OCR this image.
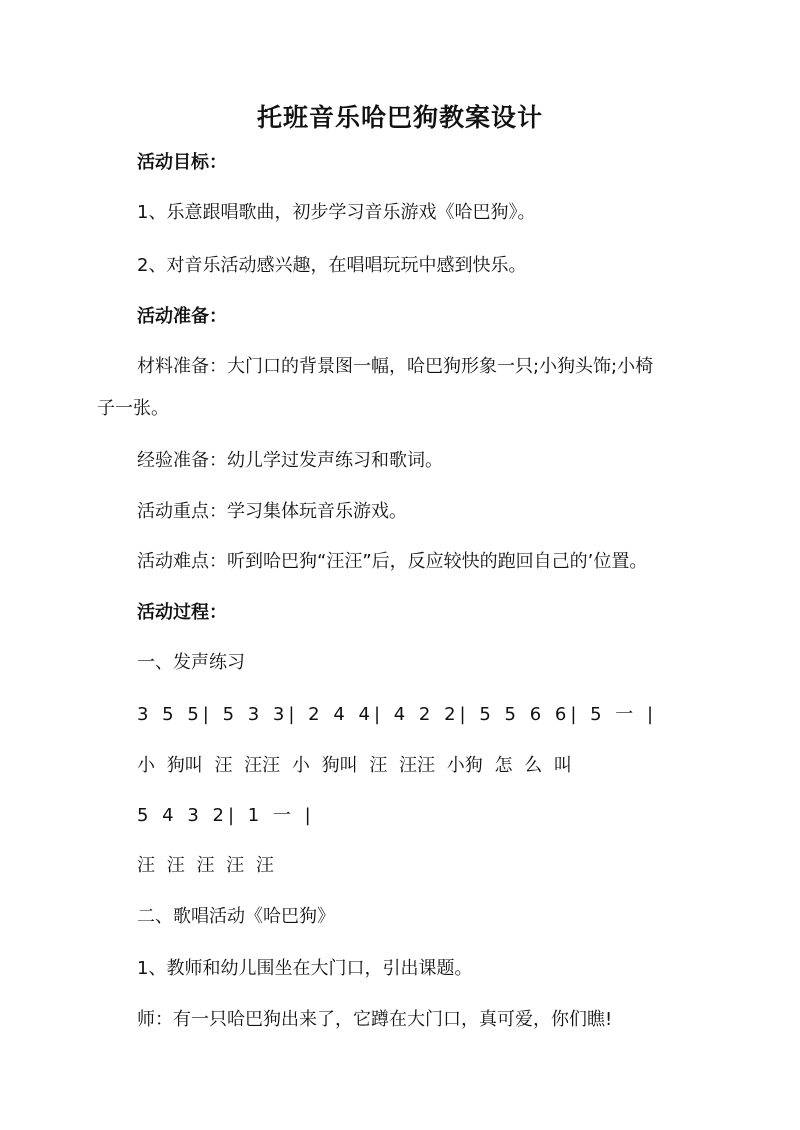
托班音乐哈巴狗教案设计
活动目标：
1、乐意跟唱歌曲，初步学习音乐游戏《哈巴狗》。
2、对音乐活动感兴趣，在唱唱玩玩中感到快乐。
活动准备：
材料准备：大门口的背景图一幅，哈巴狗形象一只;小狗头饰;小椅
子一张。
经验准备：幼儿学过发声练习和歌词。
活动重点：学习集体玩音乐游戏。
活动难点：听到哈巴狗“汪汪”后，反应较快的跑回自己的’位置。
活动过程：
一、发声练习
3 5 5| 5 3 3| 2 4 4| 4 2 2| 5 5 6 6| 5 一 |
小 狗叫 汪 汪汪 小 狗叫 汪 汪汪 小狗 怎 么 叫
5 4 3 2| 1 一 |
汪 汪 汪 汪 汪
二、歌唱活动《哈巴狗》
1、教师和幼儿围坐在大门口，引出课题。
师：有一只哈巴狗出来了，它蹲在大门口，真可爱，你们瞧!
